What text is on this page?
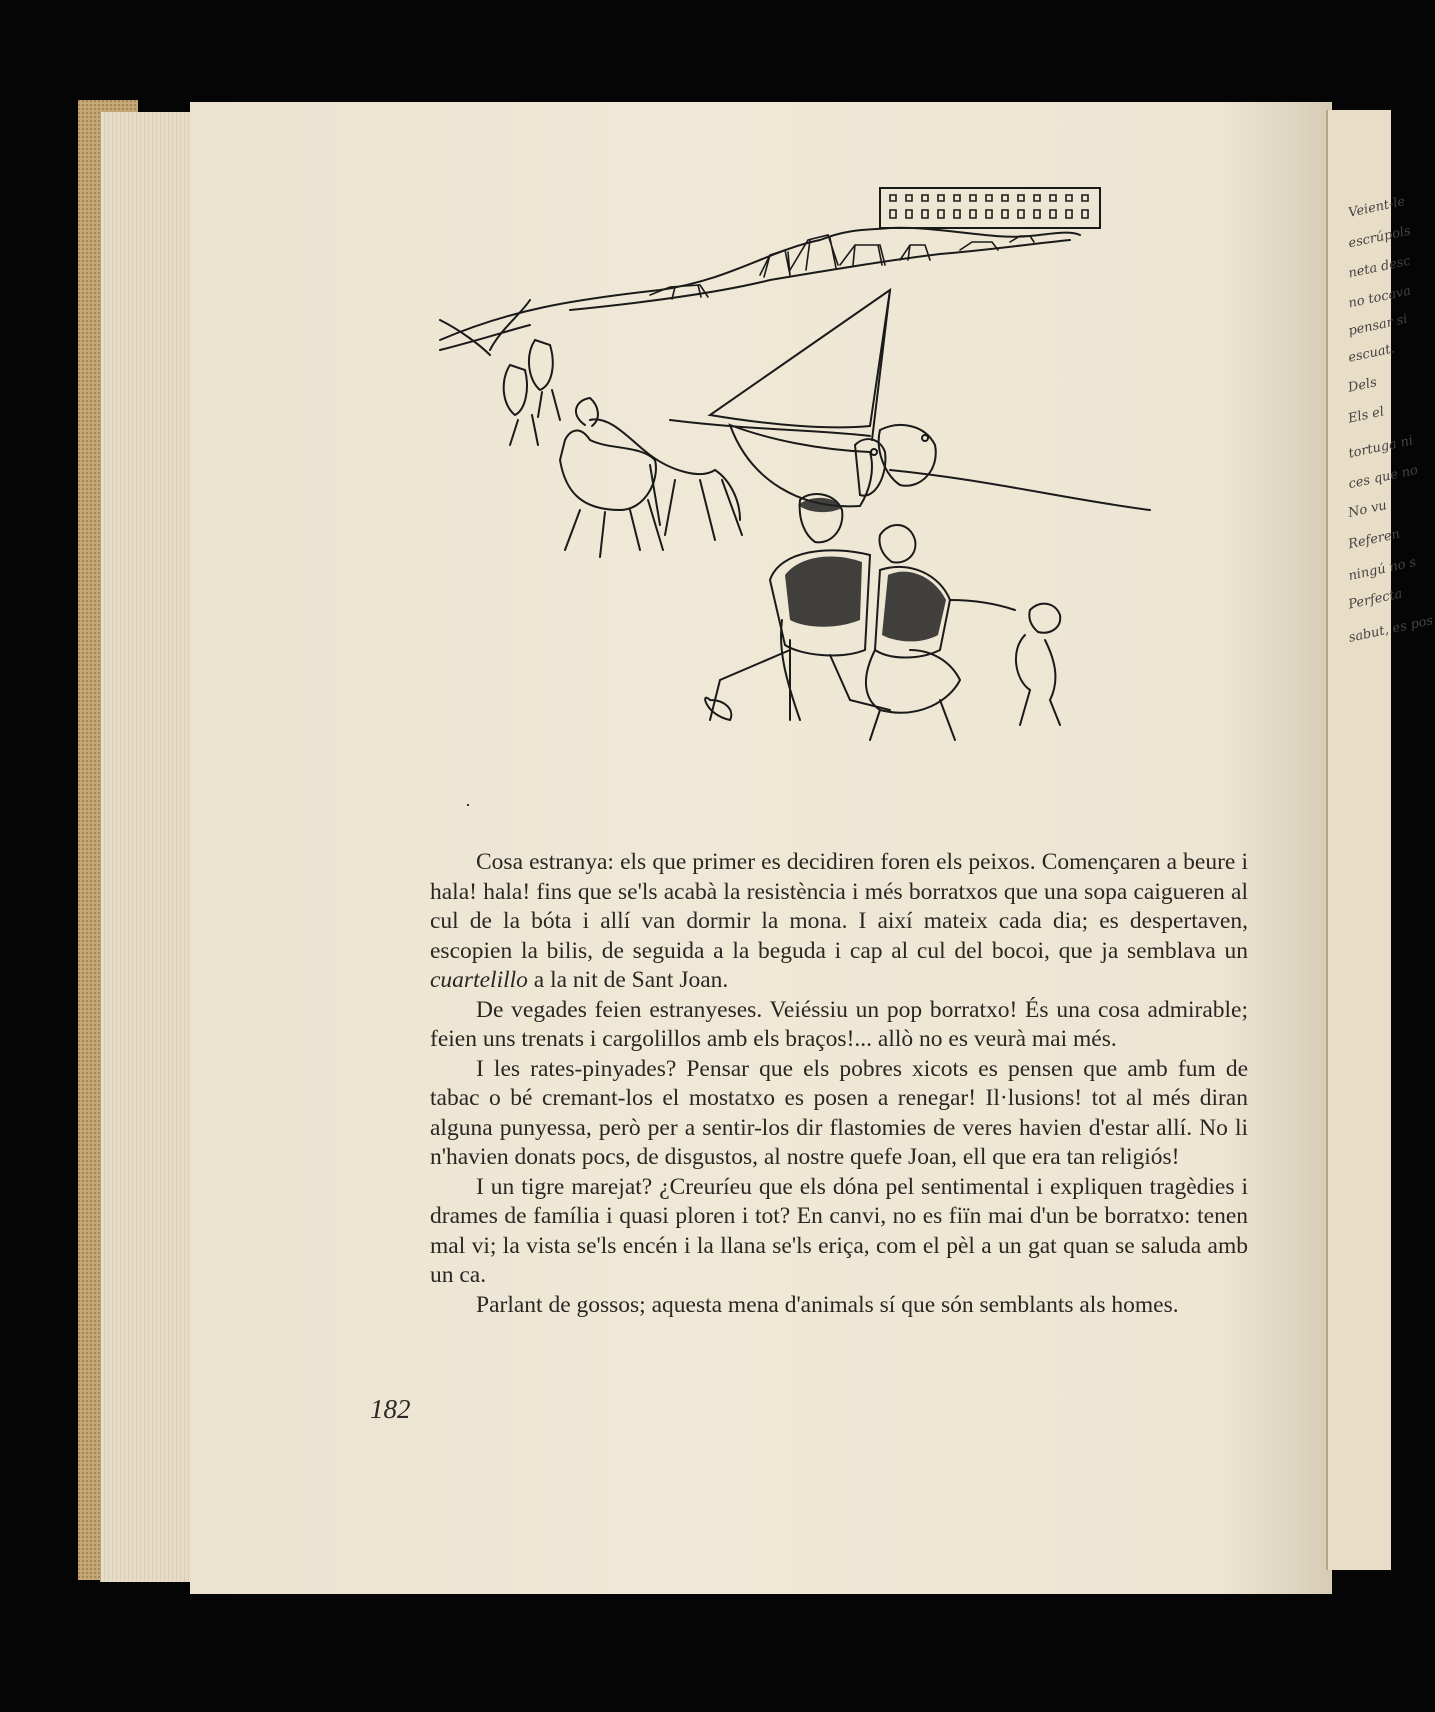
Veient-le
escrúpols
neta desc
no tocava
pensar si
escuat.
Dels
Els el
tortuga ni
ces que no
No vu
Referen
ningú no s
Perfecta
sabut, es pos

Cosa estranya: els que primer es decidiren foren els peixos. Començaren a beure i hala! hala! fins que se'ls acabà la resistència i més borratxos que una sopa caigueren al cul de la bóta i allí van dormir la mona. I així mateix cada dia; es despertaven, escopien la bilis, de seguida a la beguda i cap al cul del bocoi, que ja semblava un cuartelillo a la nit de Sant Joan.

De vegades feien estranyeses. Veiéssiu un pop borratxo! És una cosa admirable; feien uns trenats i cargolillos amb els braços!... allò no es veurà mai més.

I les rates-pinyades? Pensar que els pobres xicots es pensen que amb fum de tabac o bé cremant-los el mostatxo es posen a renegar! Il·lusions! tot al més diran alguna punyessa, però per a sentir-los dir flastomies de veres havien d'estar allí. No li n'havien donats pocs, de disgustos, al nostre quefe Joan, ell que era tan religiós!

I un tigre marejat? ¿Creuríeu que els dóna pel sentimental i expliquen tragèdies i drames de família i quasi ploren i tot? En canvi, no es fiïn mai d'un be borratxo: tenen mal vi; la vista se'ls encén i la llana se'ls eriça, com el pèl a un gat quan se saluda amb un ca.

Parlant de gossos; aquesta mena d'animals sí que són semblants als homes.

182
